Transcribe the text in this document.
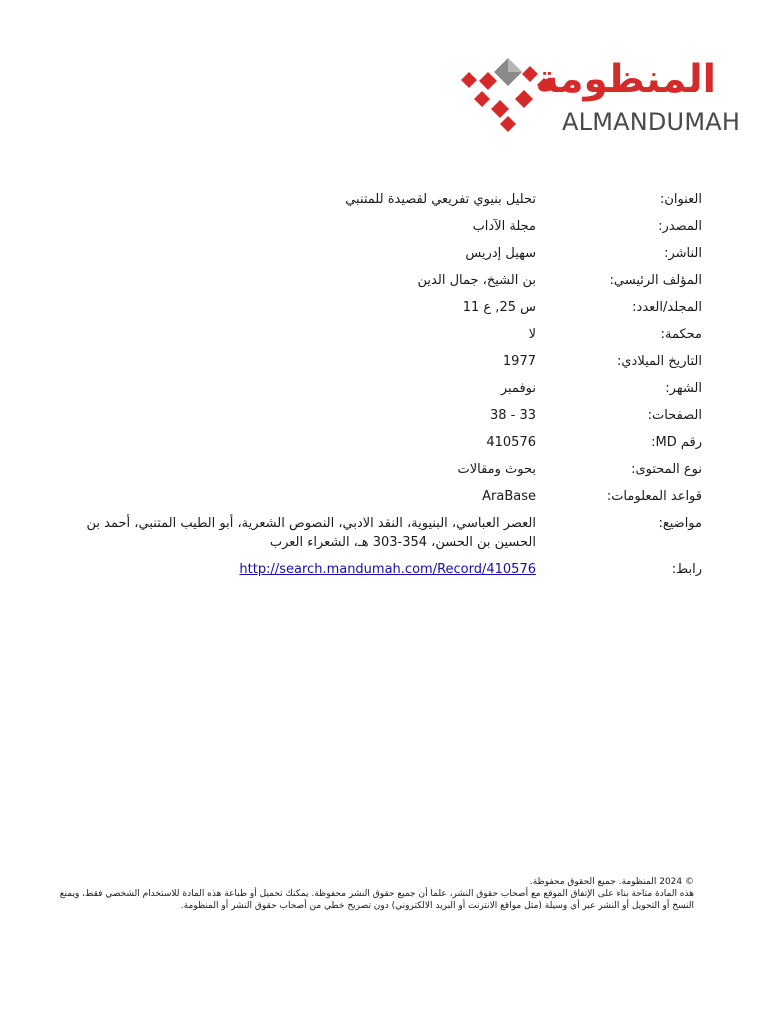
المنظومة
ALMANDUMAH
العنوان:
تحليل بنيوي تفريعي لقصيدة للمتنبي
المصدر:
مجلة الآداب
الناشر:
سهيل إدريس
المؤلف الرئيسي:
بن الشيخ، جمال الدين
المجلد/العدد:
س 25, ع 11
محكمة:
لا
التاريخ الميلادي:
1977
الشهر:
نوفمبر
الصفحات:
33 - 38
رقم MD:
410576
نوع المحتوى:
بحوث ومقالات
قواعد المعلومات:
AraBase
مواضيع:
العصر العباسي، البنيوية، النقد الادبي، النصوص الشعرية، أبو الطيب المتنبي، أحمد بن الحسين بن الحسن، 354-303 هـ، الشعراء العرب
رابط:
http://search.mandumah.com/Record/410576

© 2024 المنظومة. جميع الحقوق محفوظة.

هذه المادة متاحة بناء على الإتفاق الموقع مع أصحاب حقوق النشر، علما أن جميع حقوق النشر محفوظة. يمكنك تحميل أو طباعة هذه المادة للاستخدام الشخصي فقط، ويمنع النسخ أو التحويل أو النشر عبر أي وسيلة (مثل مواقع الانترنت أو البريد الالكتروني) دون تصريح خطي من أصحاب حقوق النشر أو المنظومة.
